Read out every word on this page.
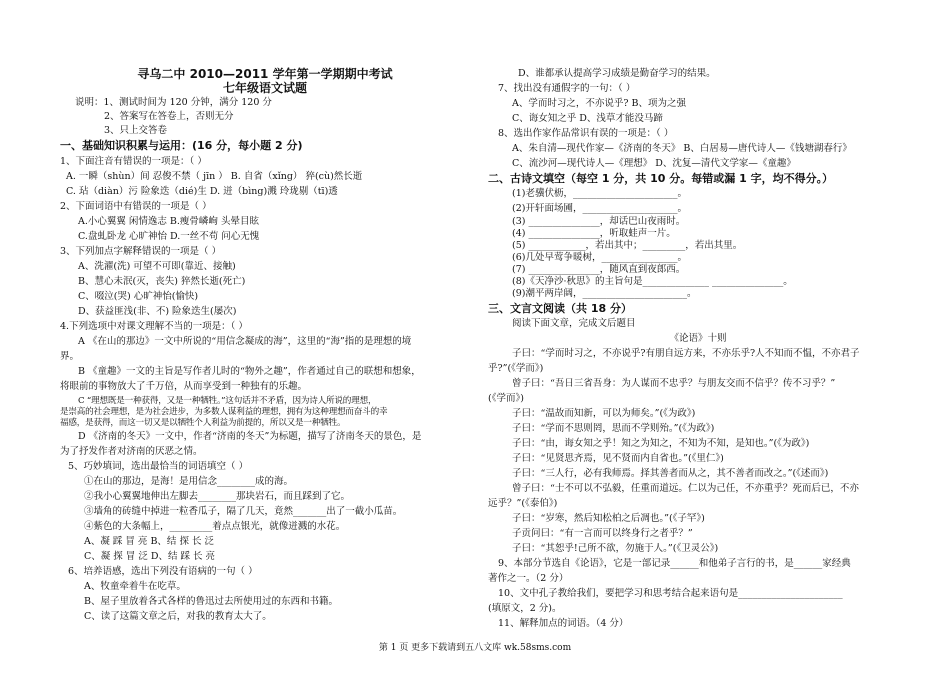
寻乌二中 2010—2011 学年第一学期期中考试
七年级语文试题
说明：1、测试时间为 120 分钟，满分 120 分
2、答案写在答卷上，否则无分
3、只上交答卷
一、基础知识积累与运用：(16 分，每小题 2 分)
1、下面注音有错误的一项是：（ ）
A. 一瞬（shùn）间 忍俊不禁（ jīn ） B. 自省（xǐng） 猝(cù)然长逝
C. 玷（diàn）污 险象迭（dié)生 D. 迸（bìng)溅 玲珑剔（tī)透
2、下面词语中有错误的一项是（ ）
A.小心翼翼 闲情逸志 B.瘦骨嶙峋 头晕目眩
C.盘虬卧龙 心旷神怡 D.一丝不苟 问心无愧
3、下列加点字解释错误的一项是（ ）
A、洗濯(洗) 可望不可即(靠近、接触)
B、慧心未泯(灭，丧失) 猝然长逝(死亡)
C、啜泣(哭) 心旷神怡(愉快)
D、获益匪浅(非、不) 险象迭生(屡次)
4.下列选项中对课文理解不当的一项是：（ ）
A 《在山的那边》一文中所说的“用信念凝成的海”，这里的“海”指的是理想的境
界。
B 《童趣》一文的主旨是写作者儿时的“物外之趣”，作者通过自己的联想和想象，
将眼前的事物放大了千万倍，从而享受到一种独有的乐趣。
C “理想既是一种获得，又是一种牺牲。”这句话并不矛盾，因为诗人所说的理想，
是崇高的社会理想，是为社会进步，为多数人谋利益的理想，拥有为这种理想而奋斗的幸
福感，是获得，而这一切又是以牺牲个人利益为前提的，所以又是一种牺牲。
D 《济南的冬天》一文中，作者“济南的冬天”为标题，描写了济南冬天的景色，是
为了抒发作者对济南的厌恶之情。
5、巧妙填词，选出最恰当的词语填空（ ）
①在山的那边，是海！是用信念________成的海。
②我小心翼翼地伸出左脚去________那块岩石，而且踩到了它。
③墙角的砖缝中掉进一粒香瓜子，隔了几天，竟然_______出了一截小瓜苗。
④紫色的大条幅上，_________着点点银光，就像迸溅的水花。
A、凝 踩 冒 亮 B、结 探 长 泛
C、凝 探 冒 泛 D、结 踩 长 亮
6、培养语感，选出下列没有语病的一句（ ）
A、牧童牵着牛在吃草。
B、屋子里放着各式各样的鲁迅过去所使用过的东西和书籍。
C、读了这篇文章之后，对我的教育太大了。
D、谁都承认提高学习成绩是勤奋学习的结果。
7、找出没有通假字的一句：（ ）
A、学而时习之，不亦说乎? B、项为之强
C、诲女知之乎 D、浅草才能没马蹄
8、选出作家作品常识有误的一项是：（ ）
A、朱自清—现代作家—《济南的冬天》 B、白居易—唐代诗人—《钱塘湖春行》
C、流沙河—现代诗人—《理想》 D、沈复—清代文学家—《童趣》
二、古诗文填空（每空 1 分，共 10 分。每错或漏 1 字，均不得分。）
(1)老骥伏枥，______________________。
(2)开轩面场圃，____________________。
(3) _______________，却话巴山夜雨时。
(4) _______________，听取蛙声一片。
(5) ____________，若出其中；_________，若出其里。
(6)几处早莺争暖树，________________。
(7) _______________，随风直到夜郎西。
(8)《天净沙·秋思》的主旨句是______________ _______________。
(9)潮平两岸阔，______________________。
三、文言文阅读（共 18 分）
阅读下面文章，完成文后题目
《论语》十则
子曰：“学而时习之，不亦说乎?有朋自远方来，不亦乐乎?人不知而不愠，不亦君子
乎?”(《学而》)
曾子曰：“吾日三省吾身：为人谋而不忠乎？与朋友交而不信乎？传不习乎？”
(《学而》)
子曰：“温故而知新，可以为师矣。”(《为政》)
子曰：“学而不思则罔，思而不学则殆。”(《为政》)
子曰：“由，诲女知之乎！知之为知之，不知为不知，是知也。”(《为政》)
子曰：“见贤思齐焉，见不贤而内自省也。”(《里仁》)
子曰：“三人行，必有我师焉。择其善者而从之，其不善者而改之。”(《述而》)
曾子曰：“士不可以不弘毅，任重而道远。仁以为己任，不亦重乎？死而后已，不亦
远乎？”(《泰伯》)
子曰：“岁寒，然后知松柏之后凋也。”(《子罕》)
子贡问曰：“有一言而可以终身行之者乎？”
子曰：“其恕乎!己所不欲，勿施于人。”(《卫灵公》)
9、本部分节选自《论语》，它是一部记录______和他弟子言行的书，是______家经典
著作之一。（2 分）
10、文中孔子教给我们，要把学习和思考结合起来语句是______________________
(填原文，2 分)。
11、解释加点的词语。（4 分）
第 1 页 更多下载请到五八文库 wk.58sms.com
